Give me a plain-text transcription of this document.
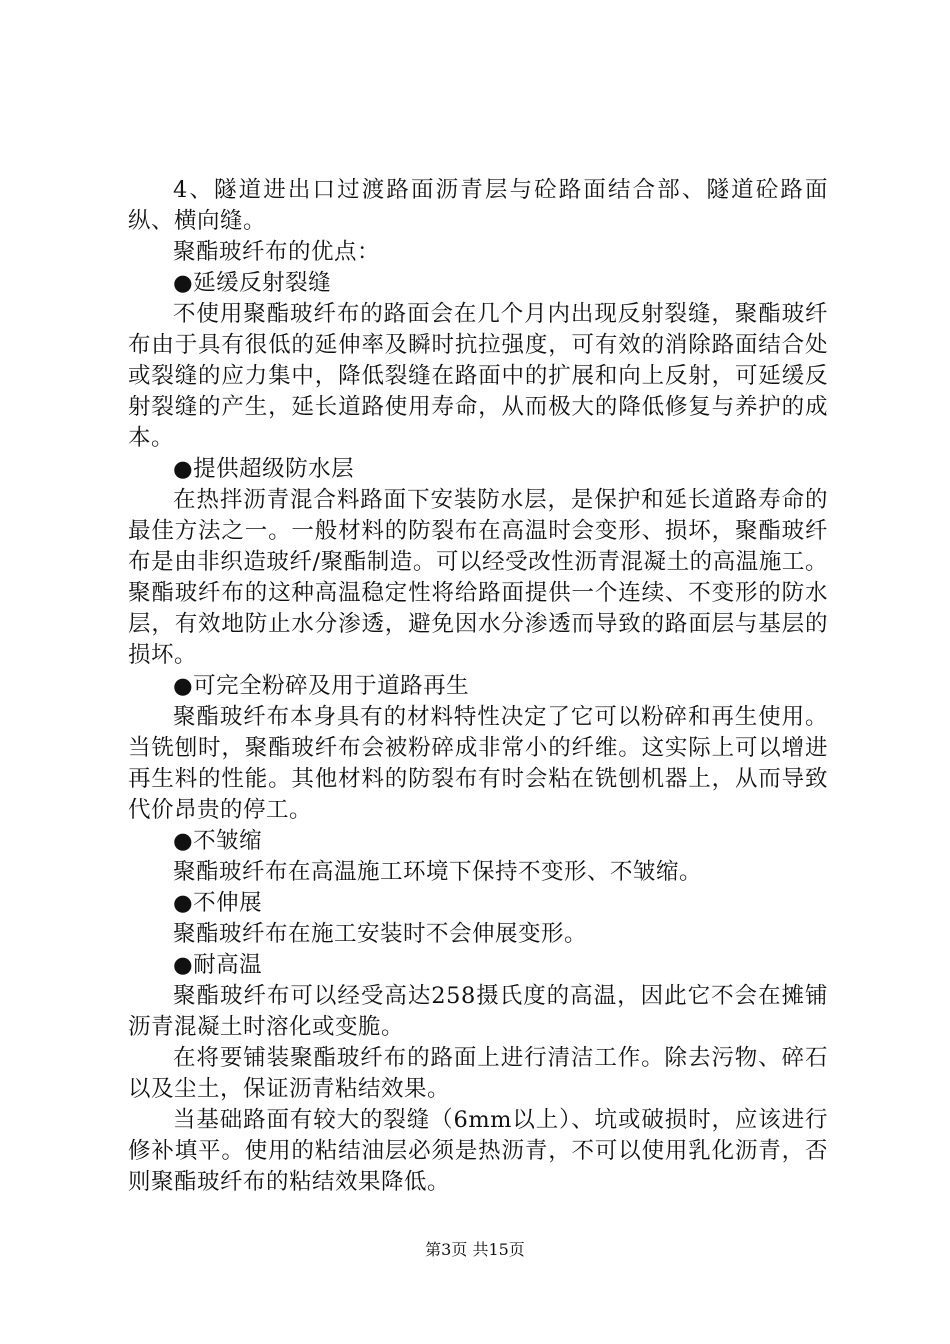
4、隧道进出口过渡路面沥青层与砼路面结合部、隧道砼路面纵、横向缝。

聚酯玻纤布的优点：

●延缓反射裂缝

不使用聚酯玻纤布的路面会在几个月内出现反射裂缝，聚酯玻纤布由于具有很低的延伸率及瞬时抗拉强度，可有效的消除路面结合处或裂缝的应力集中，降低裂缝在路面中的扩展和向上反射，可延缓反射裂缝的产生，延长道路使用寿命，从而极大的降低修复与养护的成本。

●提供超级防水层

在热拌沥青混合料路面下安装防水层，是保护和延长道路寿命的最佳方法之一。一般材料的防裂布在高温时会变形、损坏，聚酯玻纤布是由非织造玻纤/聚酯制造。可以经受改性沥青混凝土的高温施工。聚酯玻纤布的这种高温稳定性将给路面提供一个连续、不变形的防水层，有效地防止水分渗透，避免因水分渗透而导致的路面层与基层的损坏。

●可完全粉碎及用于道路再生

聚酯玻纤布本身具有的材料特性决定了它可以粉碎和再生使用。当铣刨时，聚酯玻纤布会被粉碎成非常小的纤维。这实际上可以增进再生料的性能。其他材料的防裂布有时会粘在铣刨机器上，从而导致代价昂贵的停工。

●不皱缩

聚酯玻纤布在高温施工环境下保持不变形、不皱缩。

●不伸展

聚酯玻纤布在施工安装时不会伸展变形。

●耐高温

聚酯玻纤布可以经受高达258摄氏度的高温，因此它不会在摊铺沥青混凝土时溶化或变脆。

在将要铺装聚酯玻纤布的路面上进行清洁工作。除去污物、碎石以及尘土，保证沥青粘结效果。

当基础路面有较大的裂缝（6mm以上）、坑或破损时，应该进行修补填平。使用的粘结油层必须是热沥青，不可以使用乳化沥青，否则聚酯玻纤布的粘结效果降低。

第3页 共15页
